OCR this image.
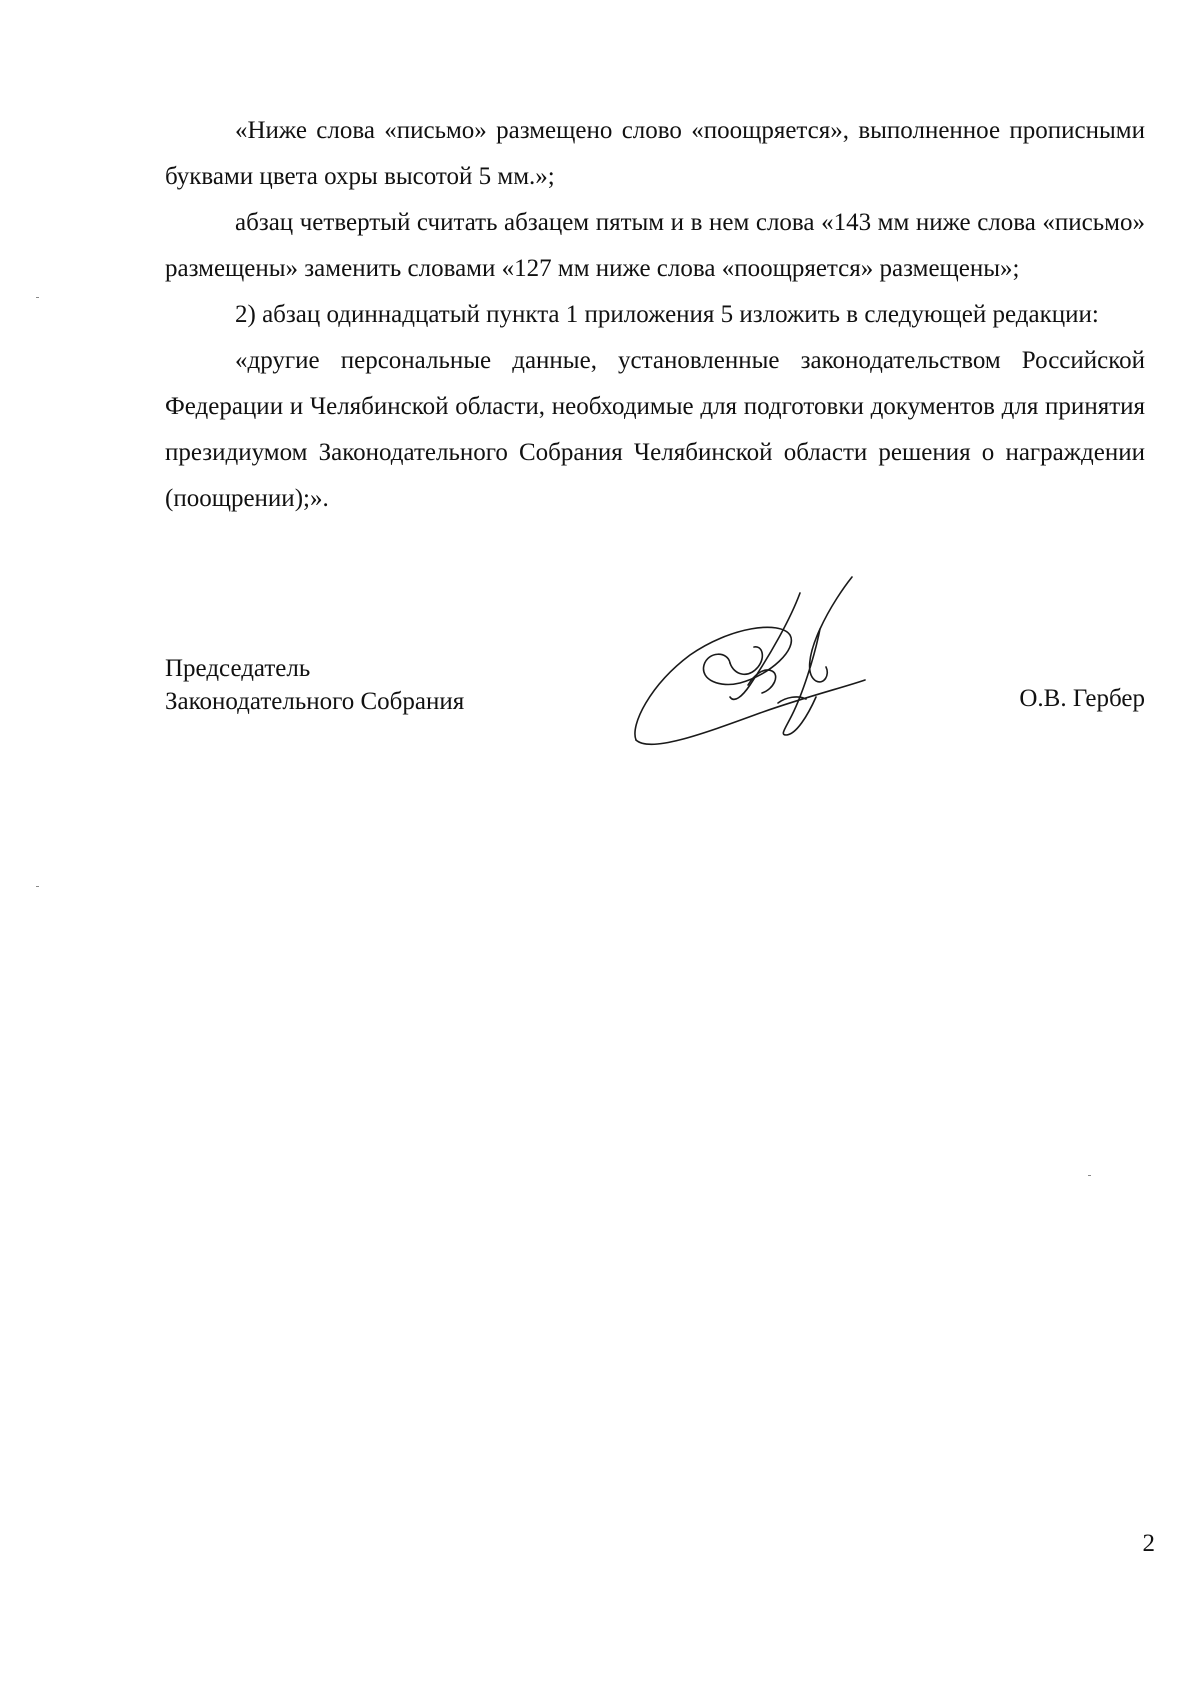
«Ниже слова «письмо» размещено слово «поощряется», выполненное прописными буквами цвета охры высотой 5 мм.»;

абзац четвертый считать абзацем пятым и в нем слова «143 мм ниже слова «письмо» размещены» заменить словами «127 мм ниже слова «поощряется» размещены»;

2) абзац одиннадцатый пункта 1 приложения 5 изложить в следующей редакции:

«другие персональные данные, установленные законодательством Российской Федерации и Челябинской области, необходимые для подготовки документов для принятия президиумом Законодательного Собрания Челябинской области решения о награждении (поощрении);».

Председатель
Законодательного Собрания	О.В. Гербер
2
